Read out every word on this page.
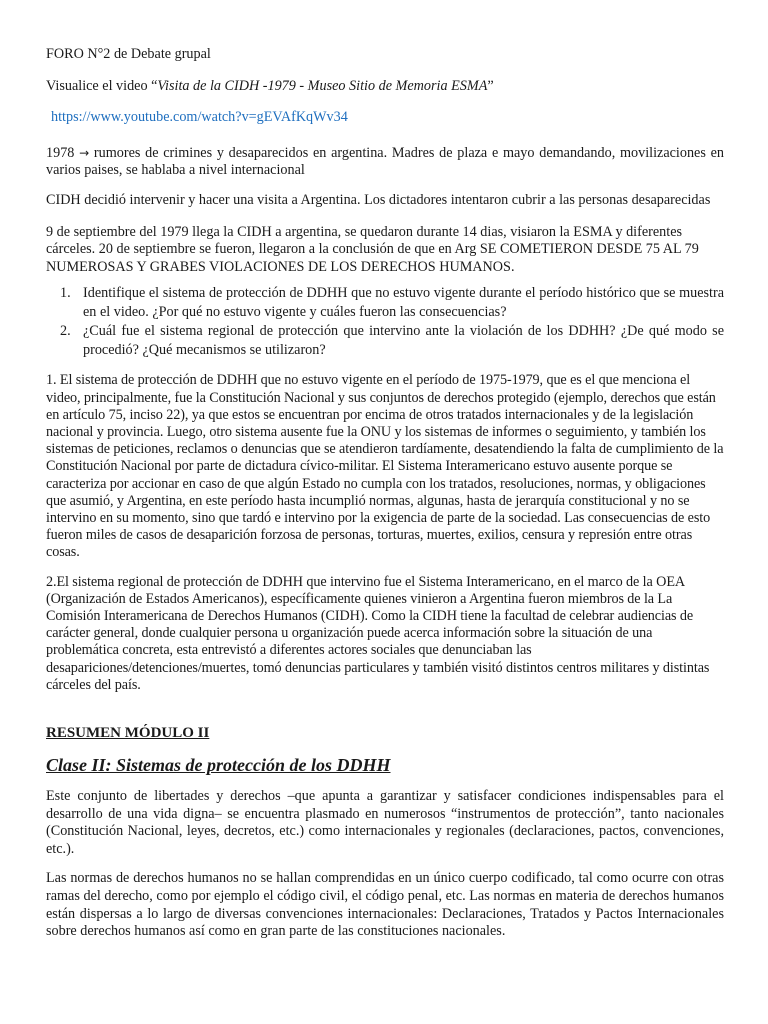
FORO N°2 de Debate grupal

Visualice el video “Visita de la CIDH -1979 - Museo Sitio de Memoria ESMA”

https://www.youtube.com/watch?v=gEVAfKqWv34

1978 → rumores de crimines y desaparecidos en argentina. Madres de plaza e mayo demandando, movilizaciones en varios paises, se hablaba a nivel internacional

CIDH decidió intervenir y hacer una visita a Argentina. Los dictadores intentaron cubrir a las personas desaparecidas

9 de septiembre del 1979 llega la CIDH a argentina, se quedaron durante 14 dias, visiaron la ESMA y diferentes cárceles. 20 de septiembre se fueron, llegaron a la conclusión de que en Arg SE COMETIERON DESDE 75 AL 79 NUMEROSAS Y GRABES VIOLACIONES DE LOS DERECHOS HUMANOS.

1. Identifique el sistema de protección de DDHH que no estuvo vigente durante el período histórico que se muestra en el video. ¿Por qué no estuvo vigente y cuáles fueron las consecuencias?
2. ¿Cuál fue el sistema regional de protección que intervino ante la violación de los DDHH? ¿De qué modo se procedió? ¿Qué mecanismos se utilizaron?

1. El sistema de protección de DDHH que no estuvo vigente en el período de 1975-1979, que es el que menciona el video, principalmente, fue la Constitución Nacional y sus conjuntos de derechos protegido (ejemplo, derechos que están en artículo 75, inciso 22), ya que estos se encuentran por encima de otros tratados internacionales y de la legislación nacional y provincia. Luego, otro sistema ausente fue la ONU y los sistemas de informes o seguimiento, y también los sistemas de peticiones, reclamos o denuncias que se atendieron tardíamente, desatendiendo la falta de cumplimiento de la Constitución Nacional por parte de dictadura cívico-militar. El Sistema Interamericano estuvo ausente porque se caracteriza por accionar en caso de que algún Estado no cumpla con los tratados, resoluciones, normas, y obligaciones que asumió, y Argentina, en este período hasta incumplió normas, algunas, hasta de jerarquía constitucional y no se intervino en su momento, sino que tardó e intervino por la exigencia de parte de la sociedad. Las consecuencias de esto fueron miles de casos de desaparición forzosa de personas, torturas, muertes, exilios, censura y represión entre otras cosas.

2.El sistema regional de protección de DDHH que intervino fue el Sistema Interamericano, en el marco de la OEA (Organización de Estados Americanos), específicamente quienes vinieron a Argentina fueron miembros de la La Comisión Interamericana de Derechos Humanos (CIDH). Como la CIDH tiene la facultad de celebrar audiencias de carácter general, donde cualquier persona u organización puede acerca información sobre la situación de una problemática concreta, esta entrevistó a diferentes actores sociales que denunciaban las desapariciones/detenciones/muertes, tomó denuncias particulares y también visitó distintos centros militares y distintas cárceles del país.

RESUMEN MÓDULO II

Clase II: Sistemas de protección de los DDHH

Este conjunto de libertades y derechos –que apunta a garantizar y satisfacer condiciones indispensables para el desarrollo de una vida digna– se encuentra plasmado en numerosos “instrumentos de protección”, tanto nacionales (Constitución Nacional, leyes, decretos, etc.) como internacionales y regionales (declaraciones, pactos, convenciones, etc.).

Las normas de derechos humanos no se hallan comprendidas en un único cuerpo codificado, tal como ocurre con otras ramas del derecho, como por ejemplo el código civil, el código penal, etc. Las normas en materia de derechos humanos están dispersas a lo largo de diversas convenciones internacionales: Declaraciones, Tratados y Pactos Internacionales sobre derechos humanos así como en gran parte de las constituciones nacionales.
